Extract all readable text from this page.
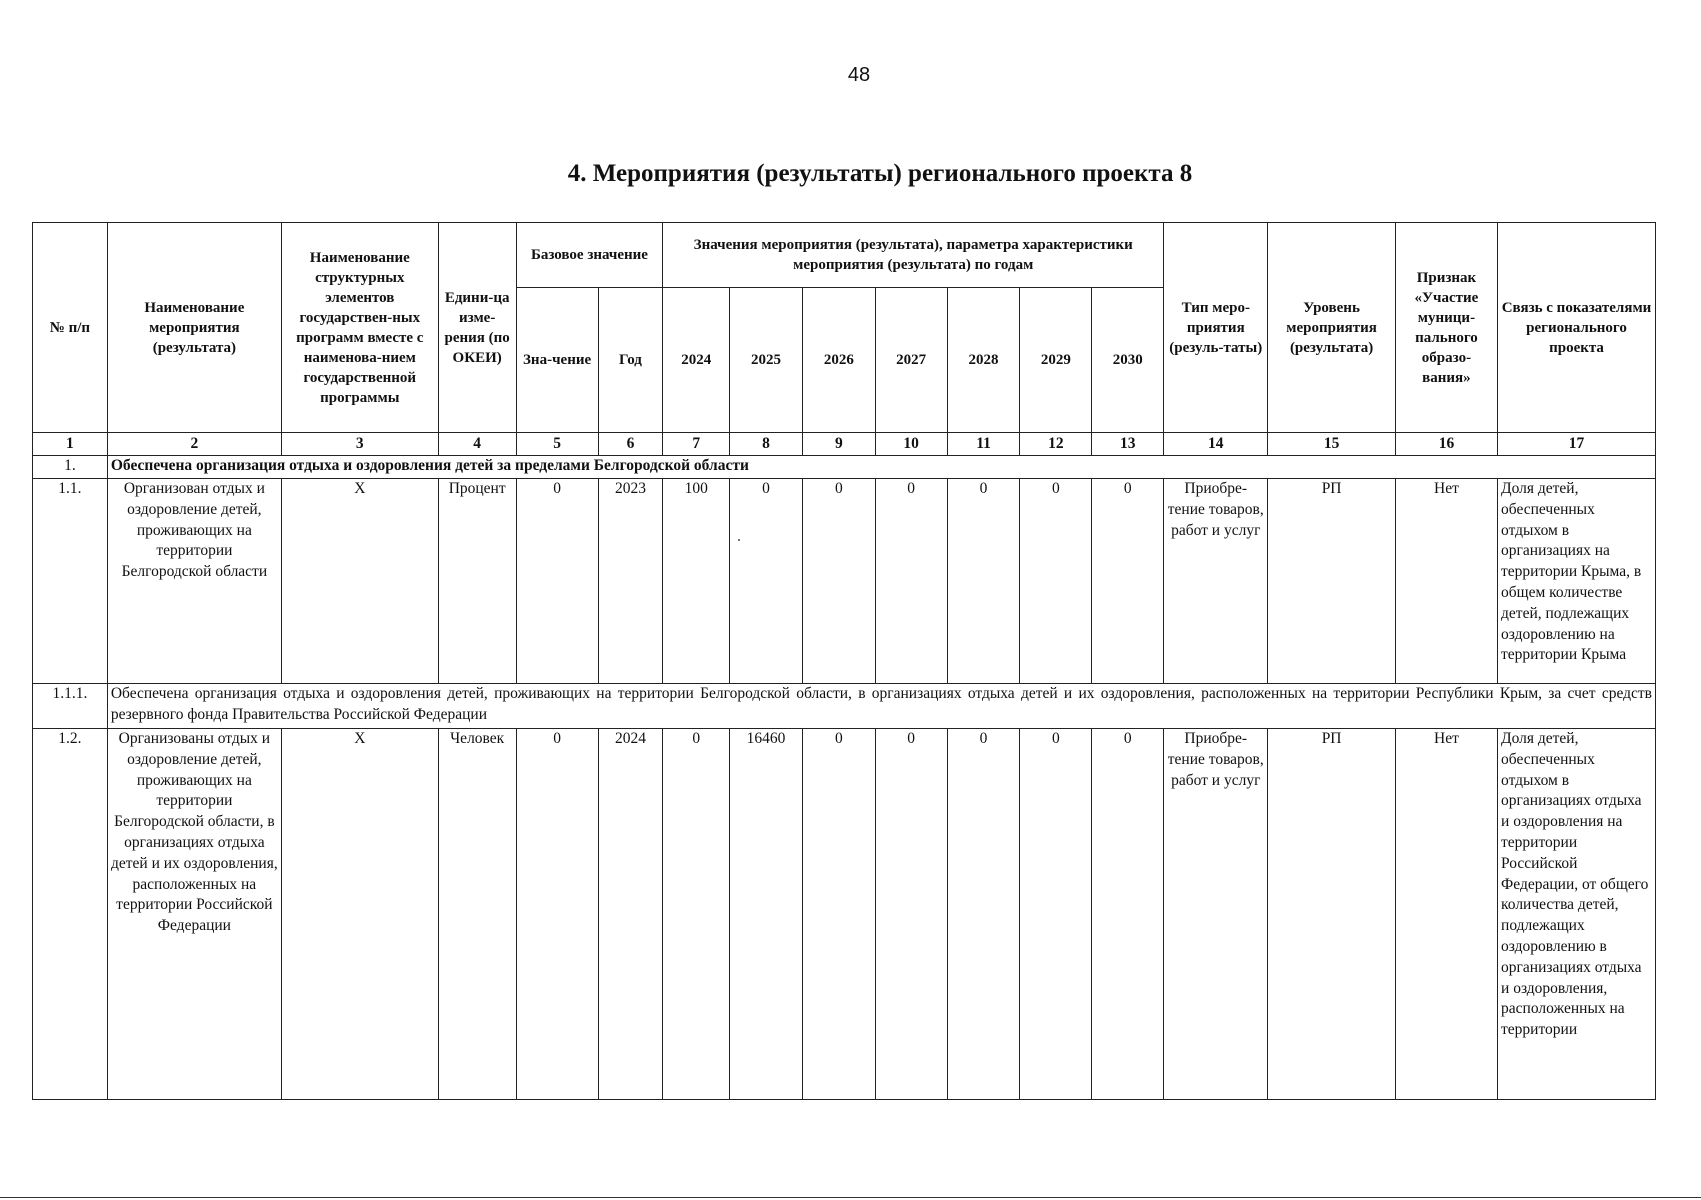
48
4. Мероприятия (результаты) регионального проекта 8
№ п/п	Наименование мероприятия (результата)	Наименование структурных элементов государствен-ных программ вместе с наименова-нием государственной программы	Едини-ца изме-рения (по ОКЕИ)	Базовое значение		Значения мероприятия (результата), параметра характеристики мероприятия (результата) по годам							Тип меро-приятия (резуль-таты)	Уровень мероприятия (результата)	Признак «Участие муници-пального образо-вания»	Связь с показателями регионального проекта
				Зна-чение	Год	2024	2025	2026	2027	2028	2029	2030				
1	2	3	4	5	6	7	8	9	10	11	12	13	14	15	16	17
1.	Обеспечена организация отдыха и оздоровления детей за пределами Белгородской области															
1.1.	Организован отдых и оздоровление детей, проживающих на территории Белгородской области	Х	Процент	0	2023	100	0	0	0	0	0	0	Приобре-тение товаров, работ и услуг	РП	Нет	Доля детей, обеспеченных отдыхом в организациях на территории Крыма, в общем количестве детей, подлежащих оздоровлению на территории Крыма
1.1.1.	Обеспечена организация отдыха и оздоровления детей, проживающих на территории Белгородской области, в организациях отдыха детей и их оздоровления, расположенных на территории Республики Крым, за счет средств резервного фонда Правительства Российской Федерации															
1.2.	Организованы отдых и оздоровление детей, проживающих на территории Белгородской области, в организациях отдыха детей и их оздоровления, расположенных на территории Российской Федерации	Х	Человек	0	2024	0	16460	0	0	0	0	0	Приобре-тение товаров, работ и услуг	РП	Нет	Доля детей, обеспеченных отдыхом в организациях отдыха и оздоровления на территории Российской Федерации, от общего количества детей, подлежащих оздоровлению в организациях отдыха и оздоровления, расположенных на территории
